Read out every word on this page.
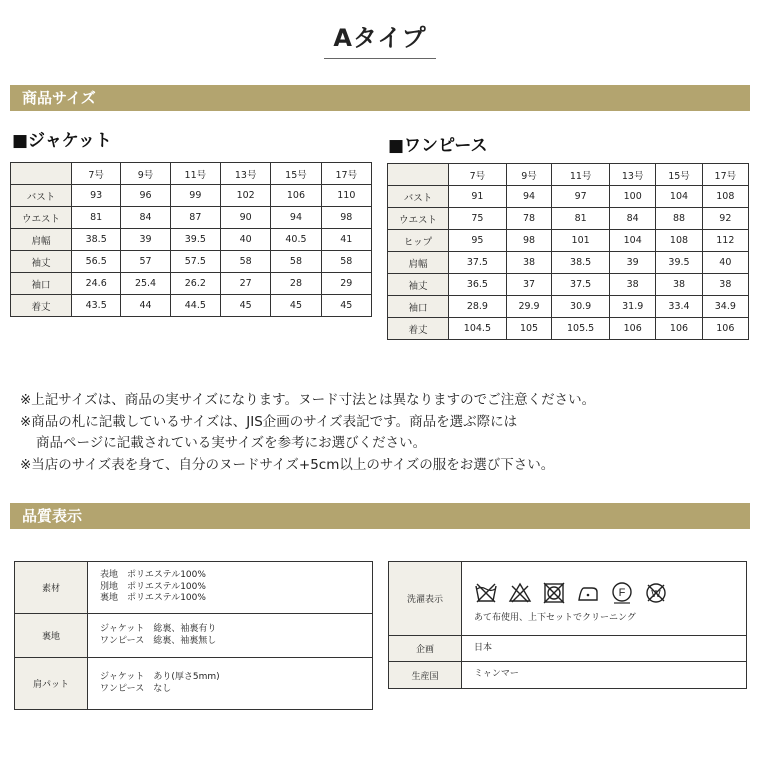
Aタイプ
商品サイズ
■ジャケット	■ワンピース
	7号	9号	11号	13号	15号	17号
バスト	93	96	99	102	106	110
ウエスト	81	84	87	90	94	98
肩幅	38.5	39	39.5	40	40.5	41
袖丈	56.5	57	57.5	58	58	58
袖口	24.6	25.4	26.2	27	28	29
着丈	43.5	44	44.5	45	45	45
	7号	9号	11号	13号	15号	17号
バスト	91	94	97	100	104	108
ウエスト	75	78	81	84	88	92
ヒップ	95	98	101	104	108	112
肩幅	37.5	38	38.5	39	39.5	40
袖丈	36.5	37	37.5	38	38	38
袖口	28.9	29.9	30.9	31.9	33.4	34.9
着丈	104.5	105	105.5	106	106	106
※上記サイズは、商品の実サイズになります。ヌード寸法とは異なりますのでご注意ください。
※商品の札に記載しているサイズは、JIS企画のサイズ表記です。商品を選ぶ際には
商品ページに記載されている実サイズを参考にお選びください。
※当店のサイズ表を身て、自分のヌードサイズ+5cm以上のサイズの服をお選び下さい。
品質表示
素材	表地　ポリエステル100%
別地　ポリエステル100%
裏地　ポリエステル100%

裏地	ジャケット　総裏、袖裏有り
ワンピース　総裏、袖裏無し

肩パット	ジャケット　あり(厚さ5mm)
ワンピース　なし
洗濯表示	F W
あて布使用、上下セットでクリーニング

企画	日本
生産国	ミャンマー
